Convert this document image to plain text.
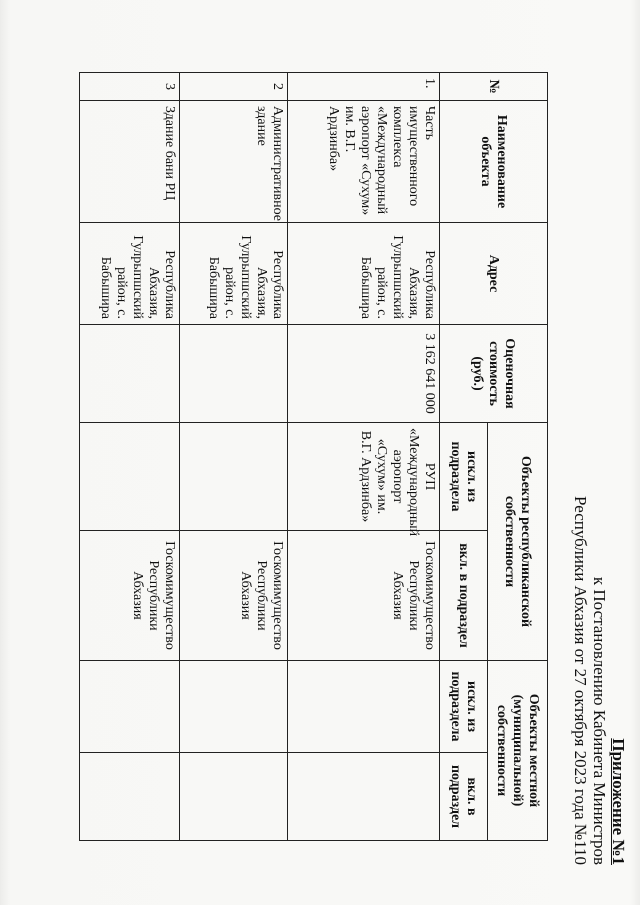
Приложение №1
к Постановлению Кабинета Министров
Республики Абхазия от 27 октября 2023 года №110
№	Наименование объекта	Адрес	Оценочная стоимость (руб.)	Объекты республиканской собственности		Объекты местной (муниципальной) собственности	
				искл. из подраздела	вкл. в подраздел	искл. из подраздела	вкл. в подраздел
1.	Часть имущественного комплекса «Международный аэропорт «Сухум» им. В.Г. Ардзинба»	Республика Абхазия, Гулрыпшский район, с. Бабышира	3 162 641 000	РУП «Международный аэропорт «Сухум» им. В.Г. Ардзинба»	Госкомимущество Республики Абхазия		
2	Административное здание	Республика Абхазия, Гулрыпшский район, с. Бабышира			Госкомимущество Республики Абхазия		
3	Здание бани РЦ	Республика Абхазия, Гулрыпшский район, с. Бабышира			Госкомимущество Республики Абхазия		
